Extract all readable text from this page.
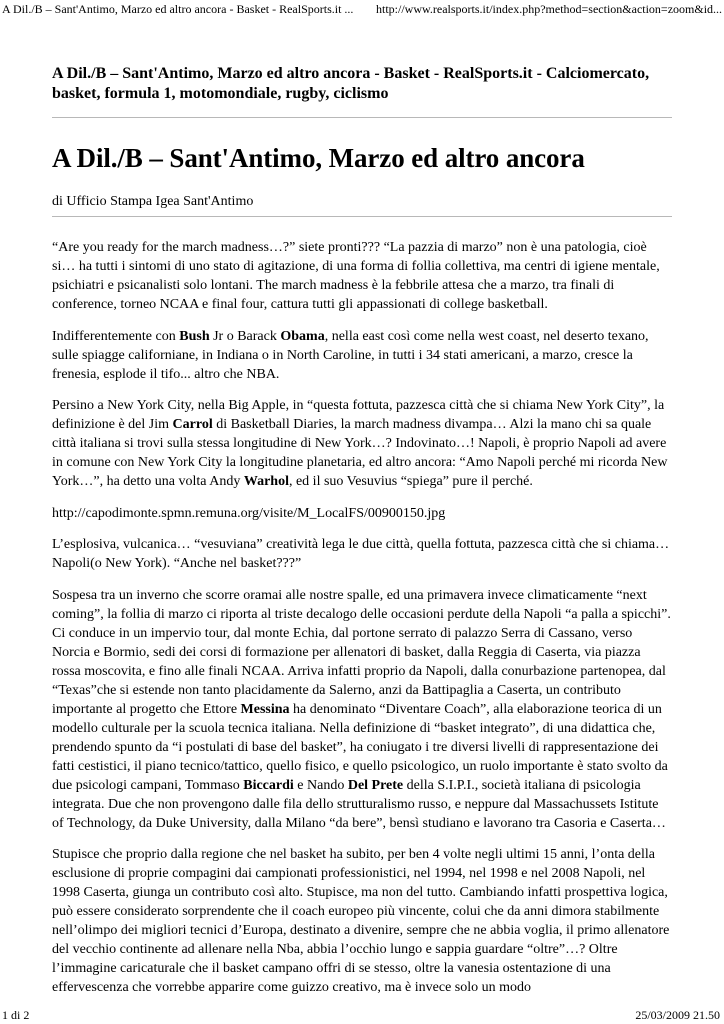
A Dil./B – Sant'Antimo, Marzo ed altro ancora - Basket - RealSports.it ...	http://www.realsports.it/index.php?method=section&action=zoom&id...
A Dil./B – Sant'Antimo, Marzo ed altro ancora - Basket - RealSports.it - Calciomercato, basket, formula 1, motomondiale, rugby, ciclismo
A Dil./B – Sant'Antimo, Marzo ed altro ancora
di Ufficio Stampa Igea Sant'Antimo

“Are you ready for the march madness…?” siete pronti??? “La pazzia di marzo” non è una patologia, cioè si… ha tutti i sintomi di uno stato di agitazione, di una forma di follia collettiva, ma centri di igiene mentale, psichiatri e psicanalisti solo lontani. The march madness è la febbrile attesa che a marzo, tra finali di conference, torneo NCAA e final four, cattura tutti gli appassionati di college basketball.

Indifferentemente con Bush Jr o Barack Obama, nella east così come nella west coast, nel deserto texano, sulle spiagge californiane, in Indiana o in North Caroline, in tutti i 34 stati americani, a marzo, cresce la frenesia, esplode il tifo... altro che NBA.

Persino a New York City, nella Big Apple, in “questa fottuta, pazzesca città che si chiama New York City”, la definizione è del Jim Carrol di Basketball Diaries, la march madness divampa… Alzi la mano chi sa quale città italiana si trovi sulla stessa longitudine di New York…? Indovinato…! Napoli, è proprio Napoli ad avere in comune con New York City la longitudine planetaria, ed altro ancora: “Amo Napoli perché mi ricorda New York…”, ha detto una volta Andy Warhol, ed il suo Vesuvius “spiega” pure il perché.

http://capodimonte.spmn.remuna.org/visite/M_LocalFS/00900150.jpg

L’esplosiva, vulcanica… “vesuviana” creatività lega le due città, quella fottuta, pazzesca città che si chiama… Napoli(o New York). “Anche nel basket???”

Sospesa tra un inverno che scorre oramai alle nostre spalle, ed una primavera invece climaticamente “next coming”, la follia di marzo ci riporta al triste decalogo delle occasioni perdute della Napoli “a palla a spicchi”. Ci conduce in un impervio tour, dal monte Echia, dal portone serrato di palazzo Serra di Cassano, verso Norcia e Bormio, sedi dei corsi di formazione per allenatori di basket, dalla Reggia di Caserta, via piazza rossa moscovita, e fino alle finali NCAA. Arriva infatti proprio da Napoli, dalla conurbazione partenopea, dal “Texas”che si estende non tanto placidamente da Salerno, anzi da Battipaglia a Caserta, un contributo importante al progetto che Ettore Messina ha denominato “Diventare Coach”, alla elaborazione teorica di un modello culturale per la scuola tecnica italiana. Nella definizione di “basket integrato”, di una didattica che, prendendo spunto da “i postulati di base del basket”, ha coniugato i tre diversi livelli di rappresentazione dei fatti cestistici, il piano tecnico/tattico, quello fisico, e quello psicologico, un ruolo importante è stato svolto da due psicologi campani, Tommaso Biccardi e Nando Del Prete della S.I.P.I., società italiana di psicologia integrata. Due che non provengono dalle fila dello strutturalismo russo, e neppure dal Massachussets Istitute of Technology, da Duke University, dalla Milano “da bere”, bensì studiano e lavorano tra Casoria e Caserta…

Stupisce che proprio dalla regione che nel basket ha subito, per ben 4 volte negli ultimi 15 anni, l’onta della esclusione di proprie compagini dai campionati professionistici, nel 1994, nel 1998 e nel 2008 Napoli, nel 1998 Caserta, giunga un contributo così alto. Stupisce, ma non del tutto. Cambiando infatti prospettiva logica, può essere considerato sorprendente che il coach europeo più vincente, colui che da anni dimora stabilmente nell’olimpo dei migliori tecnici d’Europa, destinato a divenire, sempre che ne abbia voglia, il primo allenatore del vecchio continente ad allenare nella Nba, abbia l’occhio lungo e sappia guardare “oltre”…? Oltre l’immagine caricaturale che il basket campano offri di se stesso, oltre la vanesia ostentazione di una effervescenza che vorrebbe apparire come guizzo creativo, ma è invece solo un modo

1 di 2	25/03/2009 21.50
